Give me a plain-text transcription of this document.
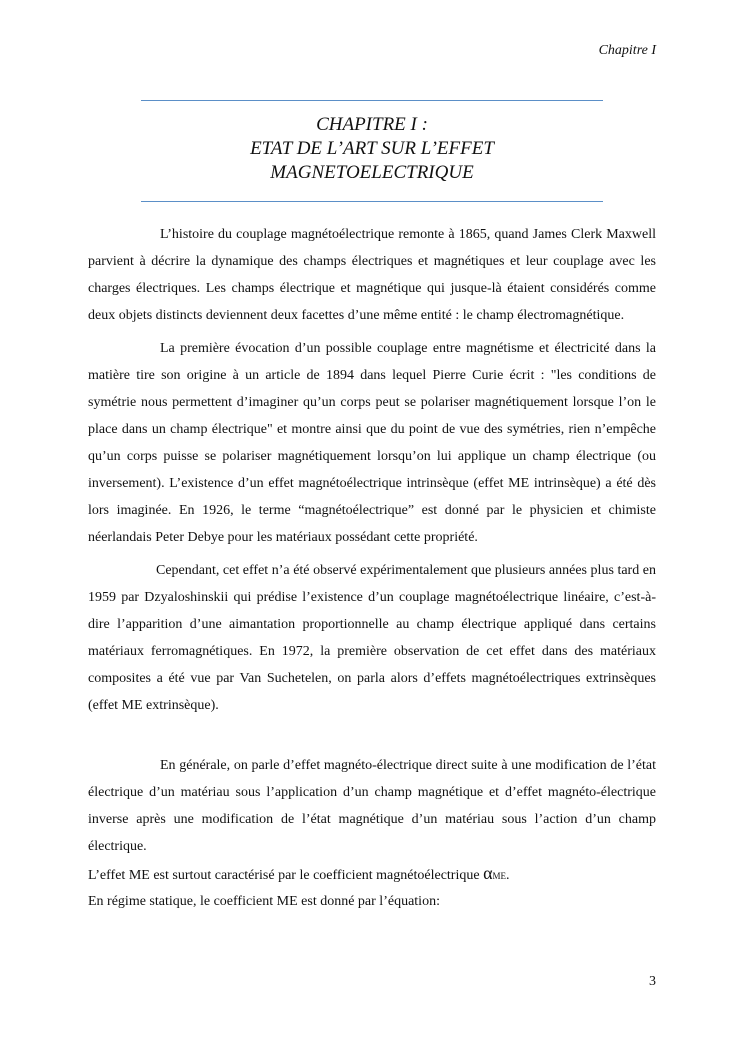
Chapitre I
CHAPITRE I :
ETAT DE L’ART SUR L’EFFET
MAGNETOELECTRIQUE

L’histoire du couplage magnétoélectrique remonte à 1865, quand James Clerk Maxwell parvient à décrire la dynamique des champs électriques et magnétiques et leur couplage avec les charges électriques. Les champs électrique et magnétique qui jusque-là étaient considérés comme deux objets distincts deviennent deux facettes d’une même entité : le champ électromagnétique.

La première évocation d’un possible couplage entre magnétisme et électricité dans la matière tire son origine à un article de 1894 dans lequel Pierre Curie écrit : "les conditions de symétrie nous permettent d’imaginer qu’un corps peut se polariser magnétiquement lorsque l’on le place dans un champ électrique" et montre ainsi que du point de vue des symétries, rien n’empêche qu’un corps puisse se polariser magnétiquement lorsqu’on lui applique un champ électrique (ou inversement). L’existence d’un effet magnétoélectrique intrinsèque (effet ME intrinsèque) a été dès lors imaginée. En 1926, le terme “magnétoélectrique” est donné par le physicien et chimiste néerlandais Peter Debye pour les matériaux possédant cette propriété.

Cependant, cet effet n’a été observé expérimentalement que plusieurs années plus tard en 1959 par Dzyaloshinskii qui prédise l’existence d’un couplage magnétoélectrique linéaire, c’est-à-dire l’apparition d’une aimantation proportionnelle au champ électrique appliqué dans certains matériaux ferromagnétiques. En 1972, la première observation de cet effet dans des matériaux composites a été vue par Van Suchetelen, on parla alors d’effets magnétoélectriques extrinsèques (effet ME extrinsèque).

En générale, on parle d’effet magnéto-électrique direct suite à une modification de l’état électrique d’un matériau sous l’application d’un champ magnétique et d’effet magnéto-électrique inverse après une modification de l’état magnétique d’un matériau sous l’action d’un champ électrique.

L’effet ME est surtout caractérisé par le coefficient magnétoélectrique αME.

En régime statique, le coefficient ME est donné par l’équation:

3
